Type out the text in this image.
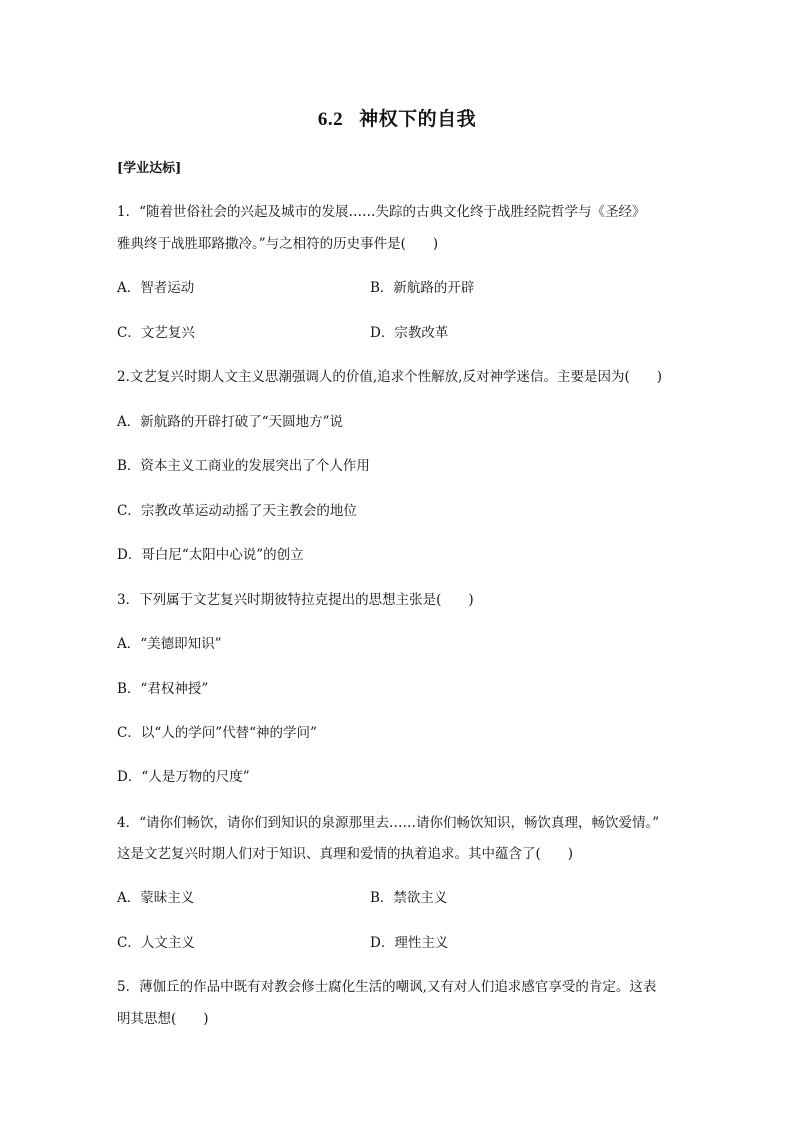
6.2 神权下的自我
[学业达标]
1．“随着世俗社会的兴起及城市的发展……失踪的古典文化终于战胜经院哲学与《圣经》
雅典终于战胜耶路撒冷。”与之相符的历史事件是(　　)
A．智者运动	B．新航路的开辟
C．文艺复兴	D．宗教改革
2.文艺复兴时期人文主义思潮强调人的价值,追求个性解放,反对神学迷信。主要是因为(　　)
A．新航路的开辟打破了“天圆地方”说
B．资本主义工商业的发展突出了个人作用
C．宗教改革运动动摇了天主教会的地位
D．哥白尼“太阳中心说”的创立
3．下列属于文艺复兴时期彼特拉克提出的思想主张是(　　)
A．“美德即知识”
B．“君权神授”
C．以“人的学问”代替“神的学问”
D．“人是万物的尺度”
4．“请你们畅饮，请你们到知识的泉源那里去……请你们畅饮知识，畅饮真理，畅饮爱情。”
这是文艺复兴时期人们对于知识、真理和爱情的执着追求。其中蕴含了(　　)
A．蒙昧主义	B．禁欲主义
C．人文主义	D．理性主义
5．薄伽丘的作品中既有对教会修士腐化生活的嘲讽,又有对人们追求感官享受的肯定。这表
明其思想(　　)
